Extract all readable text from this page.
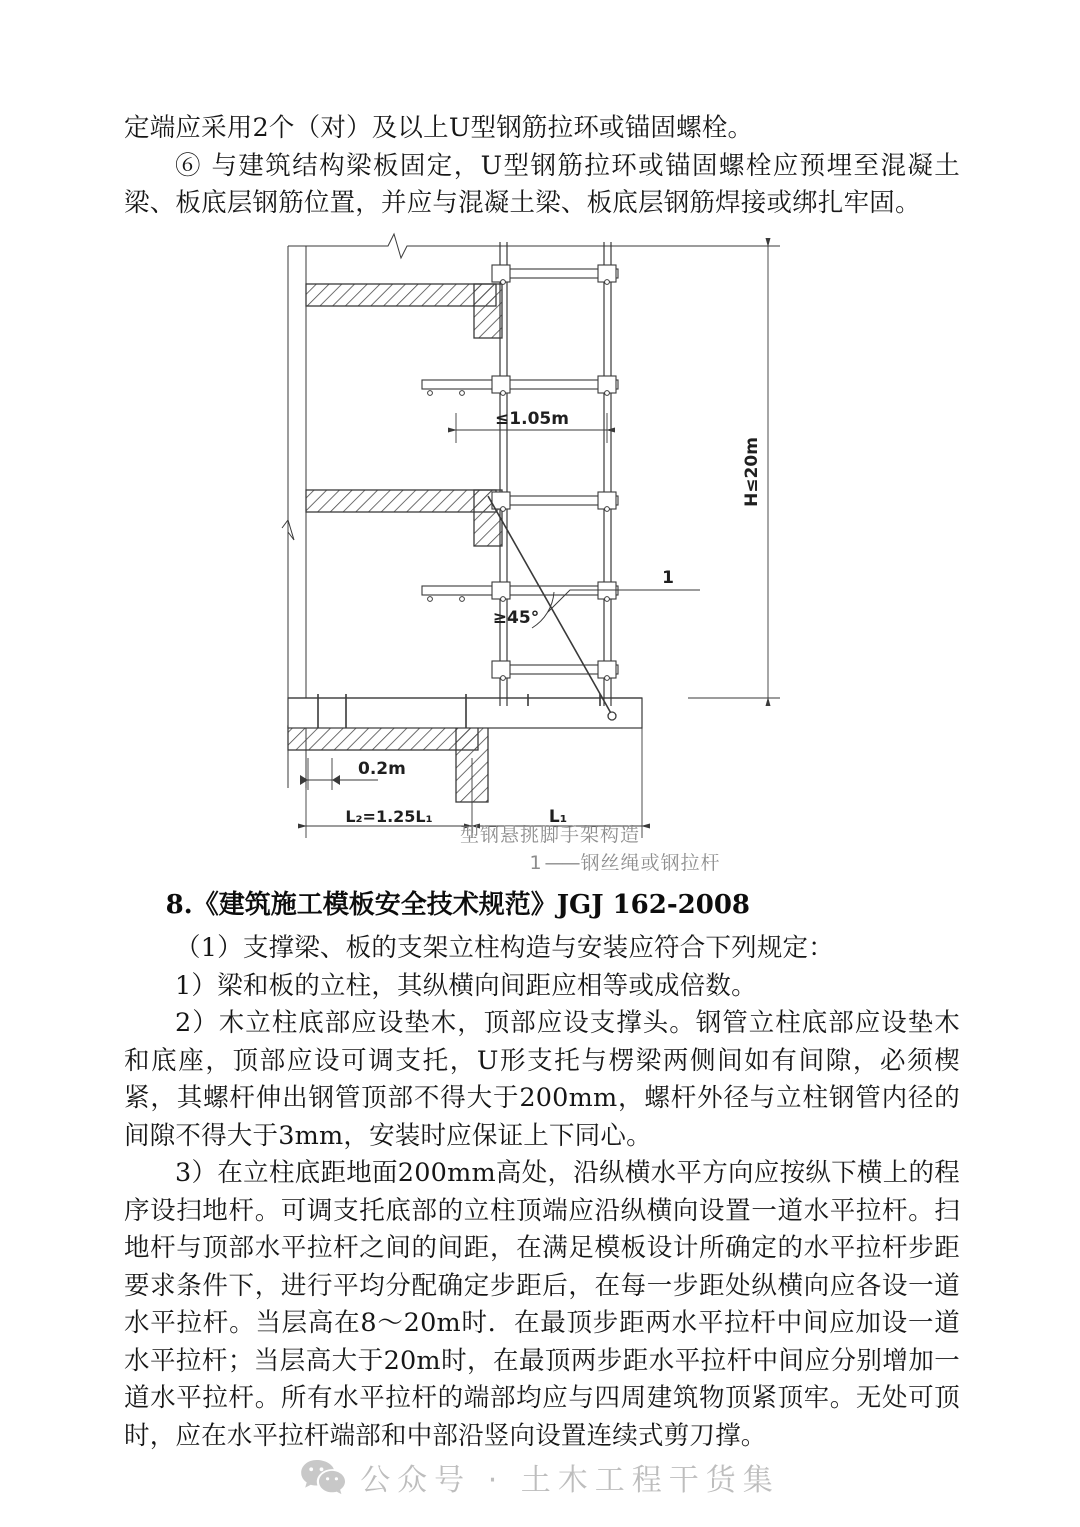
定端应采用2个（对）及以上U型钢筋拉环或锚固螺栓。

⑥ 与建筑结构梁板固定，U型钢筋拉环或锚固螺栓应预埋至混凝土梁、板底层钢筋位置，并应与混凝土梁、板底层钢筋焊接或绑扎牢固。

≤1.05m
H≤20m
≥45°
0.2m
L₂=1.25L₁	L₁
1
型钢悬挑脚手架构造
1 —— 钢丝绳或钢拉杆

8.《建筑施工模板安全技术规范》JGJ 162-2008

（1）支撑梁、板的支架立柱构造与安装应符合下列规定：

1）梁和板的立柱，其纵横向间距应相等或成倍数。

2）木立柱底部应设垫木，顶部应设支撑头。钢管立柱底部应设垫木和底座，顶部应设可调支托，U形支托与楞梁两侧间如有间隙，必须楔紧，其螺杆伸出钢管顶部不得大于200mm，螺杆外径与立柱钢管内径的间隙不得大于3mm，安装时应保证上下同心。

3）在立柱底距地面200mm高处，沿纵横水平方向应按纵下横上的程序设扫地杆。可调支托底部的立柱顶端应沿纵横向设置一道水平拉杆。扫地杆与顶部水平拉杆之间的间距，在满足模板设计所确定的水平拉杆步距要求条件下，进行平均分配确定步距后，在每一步距处纵横向应各设一道水平拉杆。当层高在8～20m时．在最顶步距两水平拉杆中间应加设一道水平拉杆；当层高大于20m时，在最顶两步距水平拉杆中间应分别增加一道水平拉杆。所有水平拉杆的端部均应与四周建筑物顶紧顶牢。无处可顶时，应在水平拉杆端部和中部沿竖向设置连续式剪刀撑。

公众号 · 土木工程干货集
